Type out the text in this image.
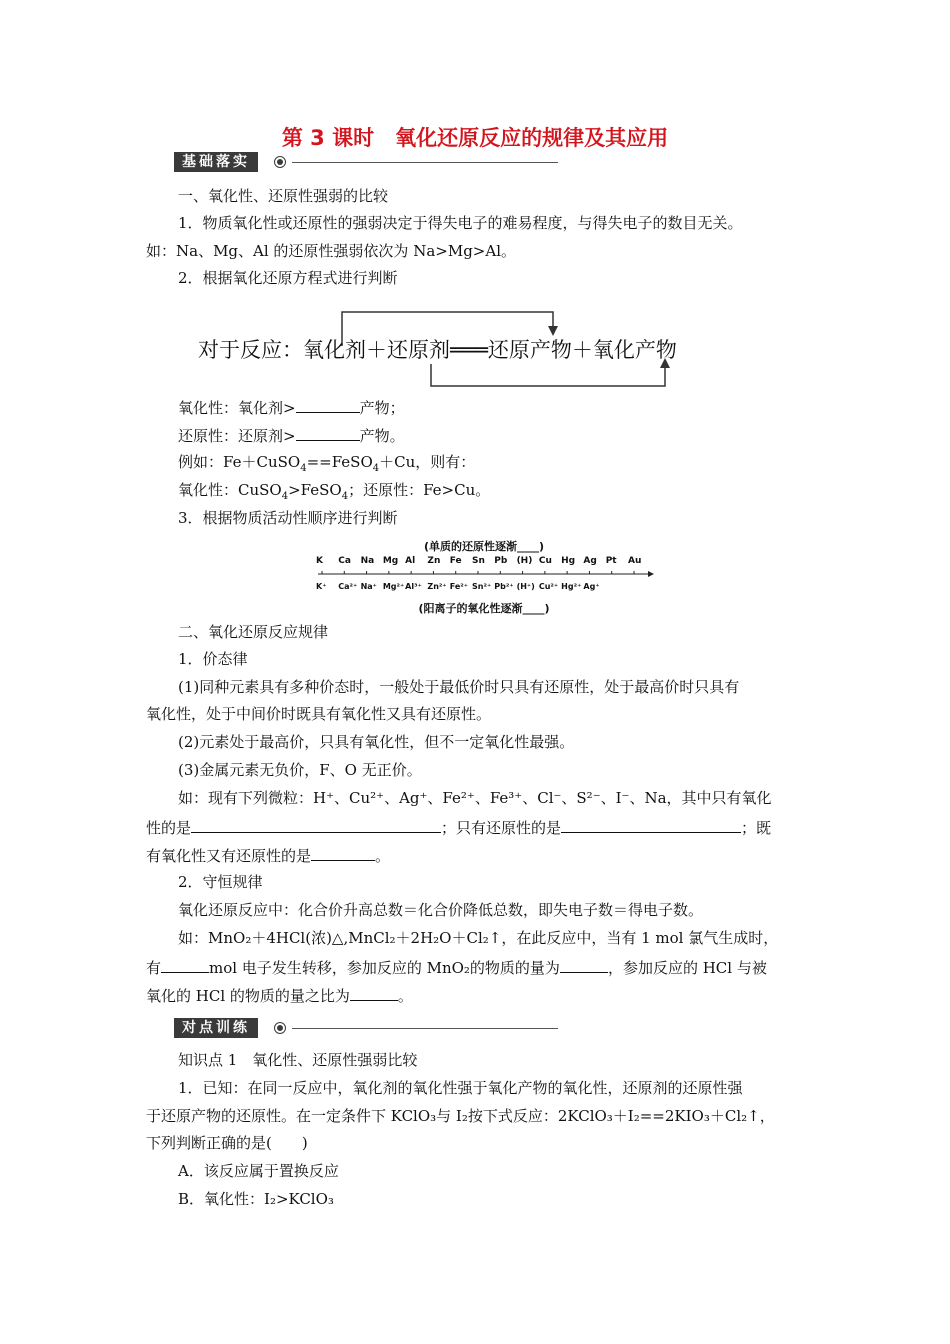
第 3 课时　氧化还原反应的规律及其应用
基础落实
一、氧化性、还原性强弱的比较
1．物质氧化性或还原性的强弱决定于得失电子的难易程度，与得失电子的数目无关。
如：Na、Mg、Al 的还原性强弱依次为 Na>Mg>Al。
2．根据氧化还原方程式进行判断
对于反应：氧化剂＋还原剂═══还原产物＋氧化产物
氧化性：氧化剂>	产物；
还原性：还原剂>	产物。
例如：Fe＋CuSO$_4$==FeSO$_4$＋Cu，则有：
氧化性：CuSO$_4$>FeSO$_4$；还原性：Fe>Cu。
3．根据物质活动性顺序进行判断
(单质的还原性逐渐____)
K Ca Na Mg Al Zn Fe Sn Pb (H) Cu Hg Ag Pt Au
K⁺ Ca²⁺ Na⁺ Mg²⁺ Al³⁺ Zn²⁺ Fe²⁺ Sn²⁺ Pb²⁺ (H⁺) Cu²⁺ Hg²⁺ Ag⁺
(阳离子的氧化性逐渐____)
二、氧化还原反应规律
1．价态律
(1)同种元素具有多种价态时，一般处于最低价时只具有还原性，处于最高价时只具有
氧化性，处于中间价时既具有氧化性又具有还原性。
(2)元素处于最高价，只具有氧化性，但不一定氧化性最强。
(3)金属元素无负价，F、O 无正价。
如：现有下列微粒：H⁺、Cu²⁺、Ag⁺、Fe²⁺、Fe³⁺、Cl⁻、S²⁻、I⁻、Na，其中只有氧化
性的是	；只有还原性的是	；既
有氧化性又有还原性的是	。
2．守恒规律
氧化还原反应中：化合价升高总数＝化合价降低总数，即失电子数＝得电子数。
如：MnO₂＋4HCl(浓)△,MnCl₂＋2H₂O＋Cl₂↑，在此反应中，当有 1 mol 氯气生成时，
有	mol 电子发生转移，参加反应的 MnO₂的物质的量为	，参加反应的 HCl 与被
氧化的 HCl 的物质的量之比为	。
对点训练
知识点 1　氧化性、还原性强弱比较
1．已知：在同一反应中，氧化剂的氧化性强于氧化产物的氧化性，还原剂的还原性强
于还原产物的还原性。在一定条件下 KClO₃与 I₂按下式反应：2KClO₃＋I₂==2KIO₃＋Cl₂↑，
下列判断正确的是(　　)
A．该反应属于置换反应
B．氧化性：I₂>KClO₃
